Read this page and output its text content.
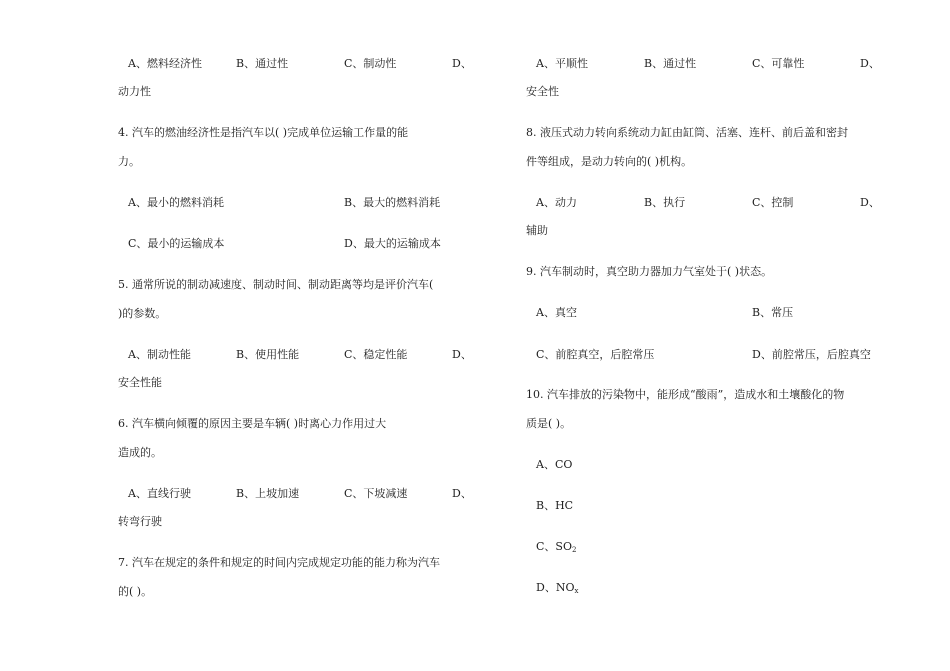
A、燃料经济性	B、通过性	C、制动性	D、
动力性
4. 汽车的燃油经济性是指汽车以( )完成单位运输工作量的能
力。
A、最小的燃料消耗	B、最大的燃料消耗
C、最小的运输成本	D、最大的运输成本
5. 通常所说的制动减速度、制动时间、制动距离等均是评价汽车(
)的参数。
A、制动性能	B、使用性能	C、稳定性能	D、
安全性能
6. 汽车横向倾覆的原因主要是车辆( )时离心力作用过大
造成的。
A、直线行驶	B、上坡加速	C、下坡减速	D、
转弯行驶
7. 汽车在规定的条件和规定的时间内完成规定功能的能力称为汽车
的( )。
A、平顺性	B、通过性	C、可靠性	D、
安全性
8. 液压式动力转向系统动力缸由缸筒、活塞、连杆、前后盖和密封
件等组成，是动力转向的( )机构。
A、动力	B、执行	C、控制	D、
辅助
9. 汽车制动时，真空助力器加力气室处于( )状态。
A、真空	B、常压
C、前腔真空，后腔常压	D、前腔常压，后腔真空
10. 汽车排放的污染物中，能形成“酸雨”，造成水和土壤酸化的物
质是( )。
A、CO
B、HC
C、$SO_2$
D、$NO_x$
